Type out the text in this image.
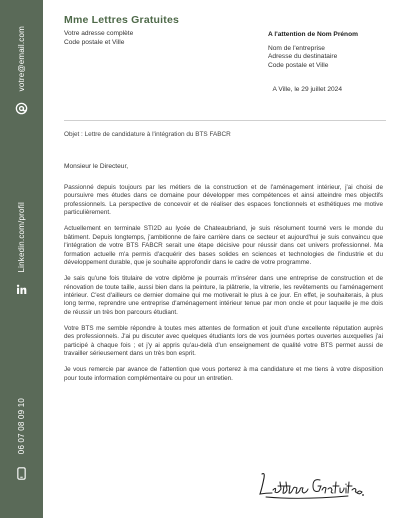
votre@email.com
Linkedin.com/profil
06 07 08 09 10
Mme Lettres Gratuites
Votre adresse complète
Code postale et Ville
A l'attention de Nom Prénom
Nom de l'entreprise
Adresse du destinataire
Code postale et Ville
A Ville, le 29 juillet 2024
Objet : Lettre de candidature à l'intégration du BTS FABCR
Monsieur le Directeur,

Passionné depuis toujours par les métiers de la construction et de l'aménagement intérieur, j'ai choisi de poursuivre mes études dans ce domaine pour développer mes compétences et ainsi atteindre mes objectifs professionnels. La perspective de concevoir et de réaliser des espaces fonctionnels et esthétiques me motive particulièrement.

Actuellement en terminale STI2D au lycée de Chateaubriand, je suis résolument tourné vers le monde du bâtiment. Depuis longtemps, j'ambitionne de faire carrière dans ce secteur et aujourd'hui je suis convaincu que l'intégration de votre BTS FABCR serait une étape décisive pour réussir dans cet univers professionnel. Ma formation actuelle m'a permis d'acquérir des bases solides en sciences et technologies de l'industrie et du développement durable, que je souhaite approfondir dans le cadre de votre programme.

Je sais qu'une fois titulaire de votre diplôme je pourrais m'insérer dans une entreprise de construction et de rénovation de toute taille, aussi bien dans la peinture, la plâtrerie, la vitrerie, les revêtements ou l'aménagement intérieur. C'est d'ailleurs ce dernier domaine qui me motiverait le plus à ce jour. En effet, je souhaiterais, à plus long terme, reprendre une entreprise d'aménagement intérieur tenue par mon oncle et pour laquelle je me dois de réussir un très bon parcours étudiant.

Votre BTS me semble répondre à toutes mes attentes de formation et jouit d'une excellente réputation auprès des professionnels. J'ai pu discuter avec quelques étudiants lors de vos journées portes ouvertes auxquelles j'ai participé à chaque fois ; et j'y ai appris qu'au-delà d'un enseignement de qualité votre BTS permet aussi de travailler sérieusement dans un très bon esprit.

Je vous remercie par avance de l'attention que vous porterez à ma candidature et me tiens à votre disposition pour toute information complémentaire ou pour un entretien.
